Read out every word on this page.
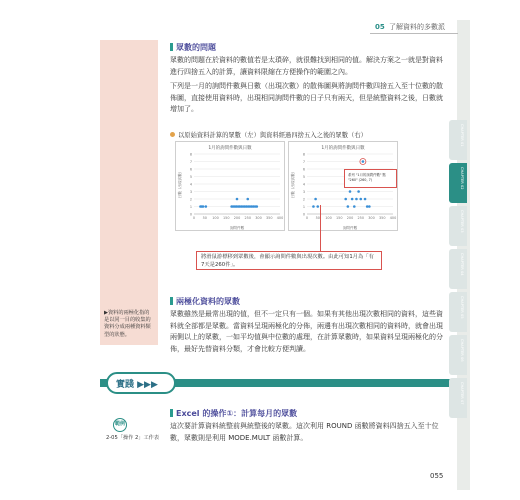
05 了解資料的多數派
眾數的問題
眾數的問題在於資料的數值若是太瑣碎，就很難找到相同的值。解決方案之一就是對資料進行四捨五入的計算，讓資料限縮在方便操作的範圍之內。
下列是一月的詢問件數與日數（出現次數）的散佈圖與將詢問件數四捨五入至十位數的散佈圖，直接使用資料時，出現相同詢問件數的日子只有兩天，但是統整資料之後，日數就增加了。
以原始資料計算的眾數（左）與資料經過四捨五入之後的眾數（右）
1月的詢問件數與日數
0
1
2
3
4
5
6
7
8
0 50 100 150 200 250 300 350 400
詢問件數
日數（出現次數）
1月的詢問件數與日數
0
1
2
3
4
5
6
7
8
0 50 100 150 200 250 300 350 400
詢問件數
日數（出現次數）	系列 "1月的詢問件數" 點 "260" (260, 7)
將滑鼠游標移到眾數後，會顯示詢問件數與出現次數。由此可知1月為「有7天是260件」。
兩極化資料的眾數
眾數雖然是最常出現的值，但不一定只有一個。如果有其他出現次數相同的資料，這些資料就全部都是眾數。當資料呈現兩極化的分佈，兩邊有出現次數相同的資料時，就會出現兩側以上的眾數，一如平均值與中位數的處理，在計算眾數時，如果資料呈現兩極化的分佈，最好先替資料分類，才會比較方便判讀。
▶資料的兩極化指的是以同一目的收集的資料分成兩種資料類型的狀態。
實踐 ▶▶▶
Excel 的操作①：計算每月的眾數
這次要計算資料統整前與統整後的眾數。這次利用 ROUND 函數將資料四捨五入至十位數，眾數則是利用 MODE.MULT 函數計算。
範例
2-05「操作 2」工作表
CHAPTER 01
CHAPTER 02
CHAPTER 03
CHAPTER 04
CHAPTER 05
CHAPTER 06
CHAPTER 07
055
